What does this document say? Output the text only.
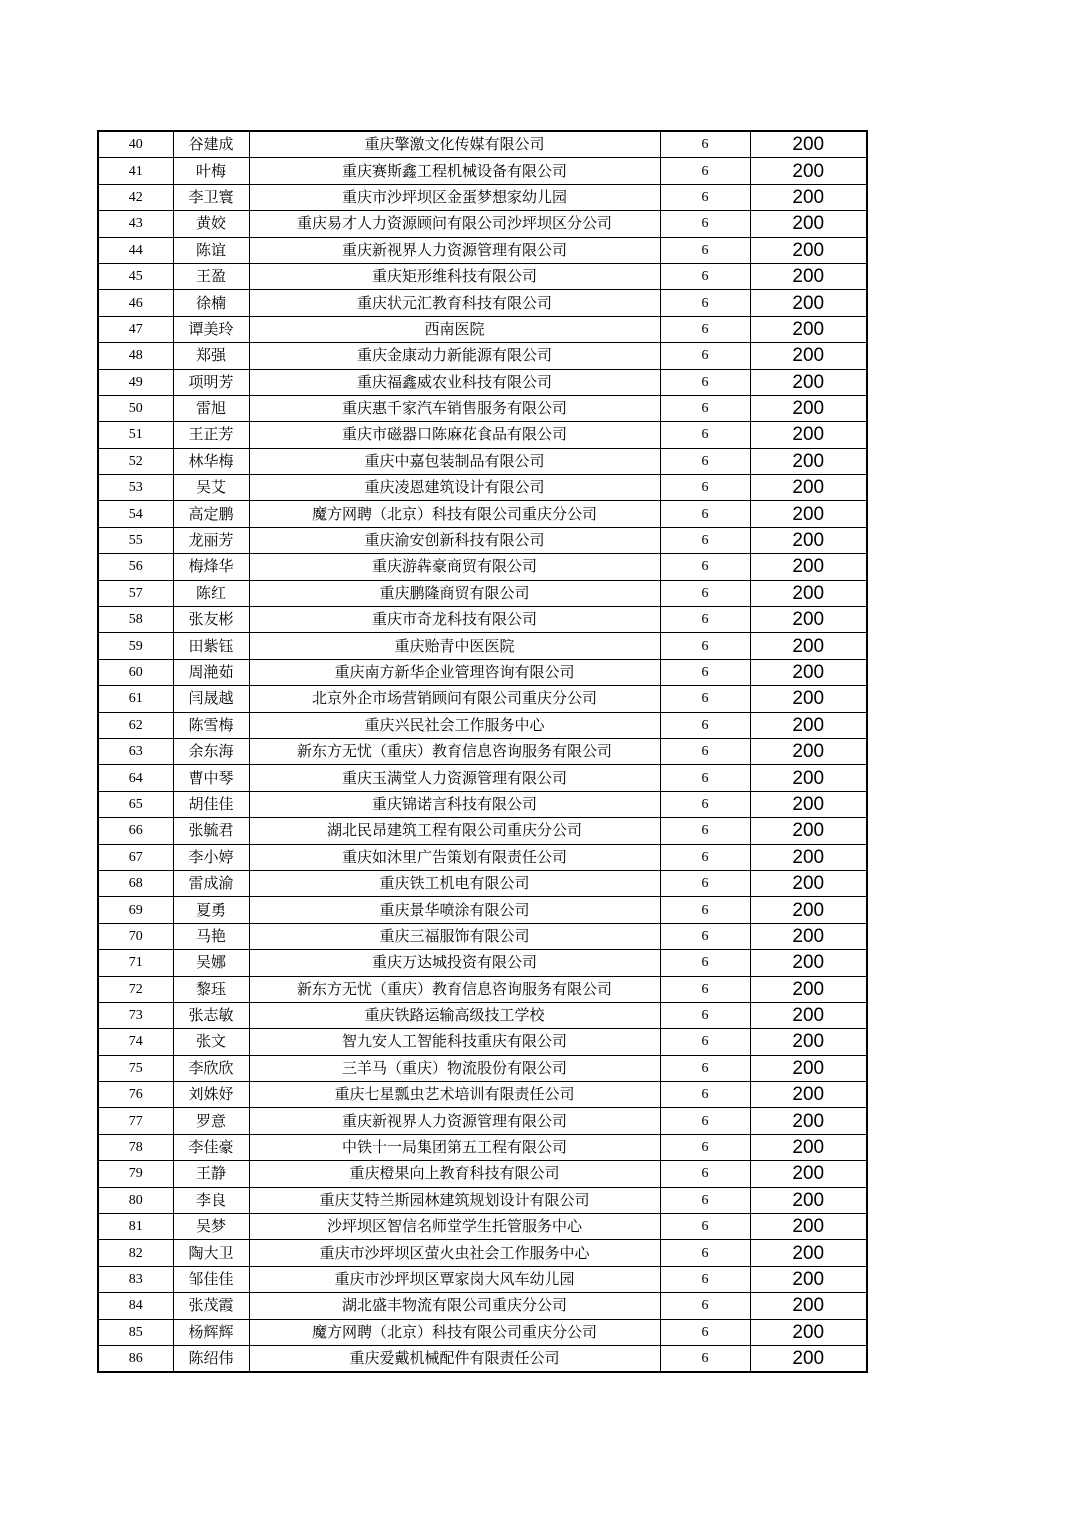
40	谷建成	重庆擎激文化传媒有限公司	6	200
41	叶梅	重庆赛斯鑫工程机械设备有限公司	6	200
42	李卫寰	重庆市沙坪坝区金蛋梦想家幼儿园	6	200
43	黄姣	重庆易才人力资源顾问有限公司沙坪坝区分公司	6	200
44	陈谊	重庆新视界人力资源管理有限公司	6	200
45	王盈	重庆矩形维科技有限公司	6	200
46	徐楠	重庆状元汇教育科技有限公司	6	200
47	谭美玲	西南医院	6	200
48	郑强	重庆金康动力新能源有限公司	6	200
49	项明芳	重庆福鑫威农业科技有限公司	6	200
50	雷旭	重庆惠千家汽车销售服务有限公司	6	200
51	王正芳	重庆市磁器口陈麻花食品有限公司	6	200
52	林华梅	重庆中嘉包装制品有限公司	6	200
53	吴艾	重庆凌恩建筑设计有限公司	6	200
54	高定鹏	魔方网聘（北京）科技有限公司重庆分公司	6	200
55	龙丽芳	重庆渝安创新科技有限公司	6	200
56	梅烽华	重庆游犇豪商贸有限公司	6	200
57	陈红	重庆鹏隆商贸有限公司	6	200
58	张友彬	重庆市奇龙科技有限公司	6	200
59	田紫钰	重庆贻青中医医院	6	200
60	周滟茹	重庆南方新华企业管理咨询有限公司	6	200
61	闫晟越	北京外企市场营销顾问有限公司重庆分公司	6	200
62	陈雪梅	重庆兴民社会工作服务中心	6	200
63	余东海	新东方无忧（重庆）教育信息咨询服务有限公司	6	200
64	曹中琴	重庆玉满堂人力资源管理有限公司	6	200
65	胡佳佳	重庆锦诺言科技有限公司	6	200
66	张毓君	湖北民昂建筑工程有限公司重庆分公司	6	200
67	李小婷	重庆如沐里广告策划有限责任公司	6	200
68	雷成渝	重庆铁工机电有限公司	6	200
69	夏勇	重庆景华喷涂有限公司	6	200
70	马艳	重庆三福服饰有限公司	6	200
71	吴娜	重庆万达城投资有限公司	6	200
72	黎珏	新东方无忧（重庆）教育信息咨询服务有限公司	6	200
73	张志敏	重庆铁路运输高级技工学校	6	200
74	张文	智九安人工智能科技重庆有限公司	6	200
75	李欣欣	三羊马（重庆）物流股份有限公司	6	200
76	刘姝妤	重庆七星瓢虫艺术培训有限责任公司	6	200
77	罗意	重庆新视界人力资源管理有限公司	6	200
78	李佳豪	中铁十一局集团第五工程有限公司	6	200
79	王静	重庆橙果向上教育科技有限公司	6	200
80	李良	重庆艾特兰斯园林建筑规划设计有限公司	6	200
81	吴梦	沙坪坝区智信名师堂学生托管服务中心	6	200
82	陶大卫	重庆市沙坪坝区萤火虫社会工作服务中心	6	200
83	邹佳佳	重庆市沙坪坝区覃家岗大风车幼儿园	6	200
84	张茂霞	湖北盛丰物流有限公司重庆分公司	6	200
85	杨辉辉	魔方网聘（北京）科技有限公司重庆分公司	6	200
86	陈绍伟	重庆爱戴机械配件有限责任公司	6	200
